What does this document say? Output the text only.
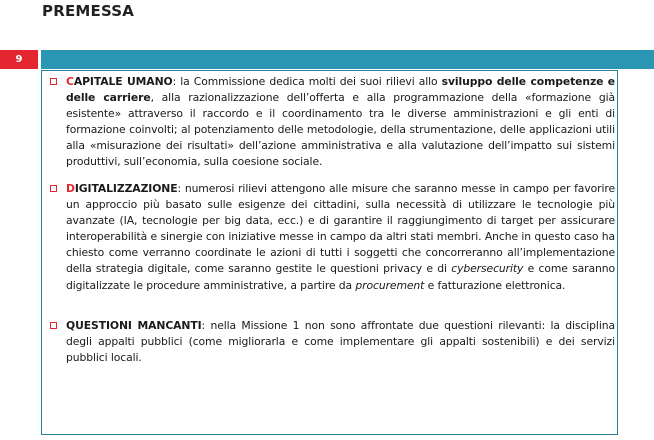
PREMESSA
9
CAPITALE UMANO: la Commissione dedica molti dei suoi rilievi allo sviluppo delle competenze e delle carriere, alla razionalizzazione dell’offerta e alla programmazione della «formazione già esistente» attraverso il raccordo e il coordinamento tra le diverse amministrazioni e gli enti di formazione coinvolti; al potenziamento delle metodologie, della strumentazione, delle applicazioni utili alla «misurazione dei risultati» dell’azione amministrativa e alla valutazione dell’impatto sui sistemi produttivi, sull’economia, sulla coesione sociale.
DIGITALIZZAZIONE: numerosi rilievi attengono alle misure che saranno messe in campo per favorire un approccio più basato sulle esigenze dei cittadini, sulla necessità di utilizzare le tecnologie più avanzate (IA, tecnologie per big data, ecc.) e di garantire il raggiungimento di target per assicurare interoperabilità e sinergie con iniziative messe in campo da altri stati membri. Anche in questo caso ha chiesto come verranno coordinate le azioni di tutti i soggetti che concorreranno all’implementazione della strategia digitale, come saranno gestite le questioni privacy e di cybersecurity e come saranno digitalizzate le procedure amministrative, a partire da procurement e fatturazione elettronica.
QUESTIONI MANCANTI: nella Missione 1 non sono affrontate due questioni rilevanti: la disciplina degli appalti pubblici (come migliorarla e come implementare gli appalti sostenibili) e dei servizi pubblici locali.
